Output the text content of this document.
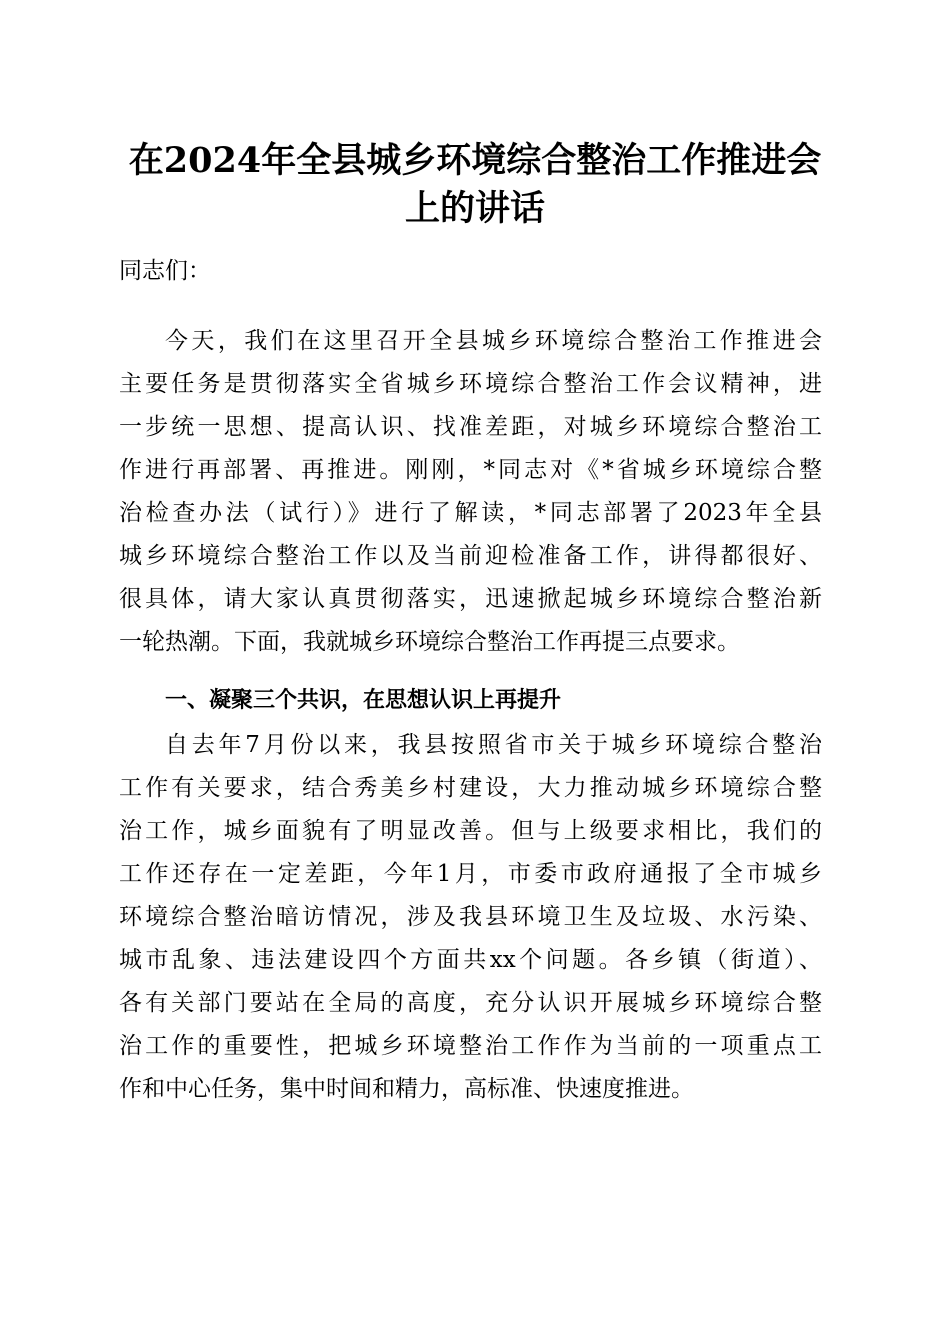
在2024年全县城乡环境综合整治工作推进会
上的讲话
同志们：
今天，我们在这里召开全县城乡环境综合整治工作推进会
主要任务是贯彻落实全省城乡环境综合整治工作会议精神，进
一步统一思想、提高认识、找准差距，对城乡环境综合整治工
作进行再部署、再推进。刚刚，*同志对《*省城乡环境综合整
治检查办法（试行）》进行了解读，*同志部署了2023年全县
城乡环境综合整治工作以及当前迎检准备工作，讲得都很好、
很具体，请大家认真贯彻落实，迅速掀起城乡环境综合整治新
一轮热潮。下面，我就城乡环境综合整治工作再提三点要求。
一、凝聚三个共识，在思想认识上再提升
自去年7月份以来，我县按照省市关于城乡环境综合整治
工作有关要求，结合秀美乡村建设，大力推动城乡环境综合整
治工作，城乡面貌有了明显改善。但与上级要求相比，我们的
工作还存在一定差距，今年1月，市委市政府通报了全市城乡
环境综合整治暗访情况，涉及我县环境卫生及垃圾、水污染、
城市乱象、违法建设四个方面共xx个问题。各乡镇（街道）、
各有关部门要站在全局的高度，充分认识开展城乡环境综合整
治工作的重要性，把城乡环境整治工作作为当前的一项重点工
作和中心任务，集中时间和精力，高标准、快速度推进。
